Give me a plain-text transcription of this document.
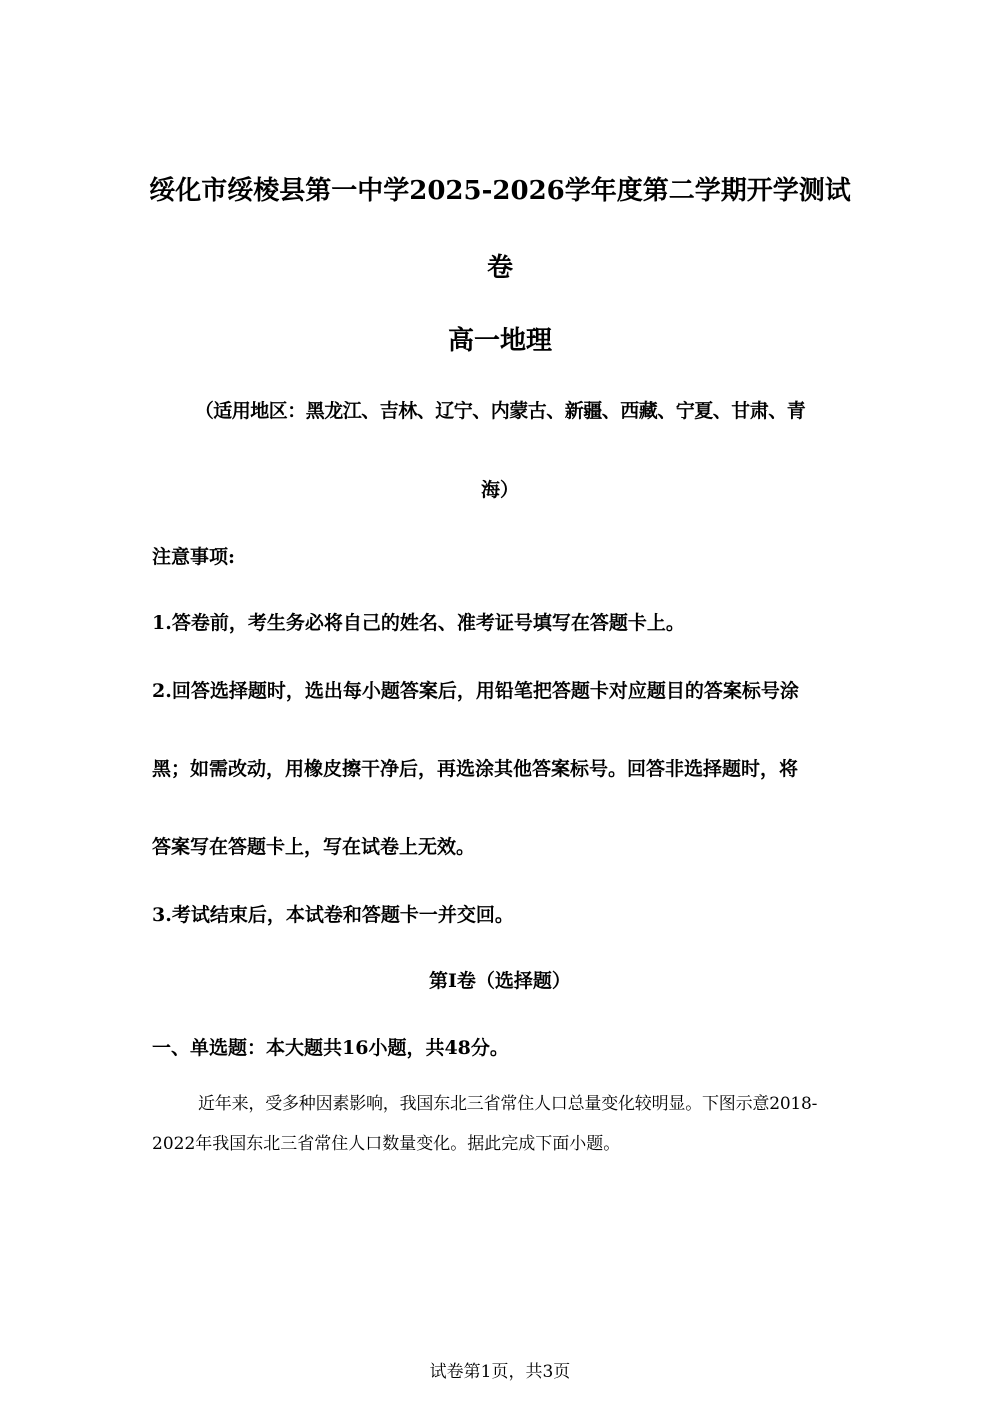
绥化市绥棱县第一中学2025-2026学年度第二学期开学测试

卷

高一地理

（适用地区：黑龙江、吉林、辽宁、内蒙古、新疆、西藏、宁夏、甘肃、青

海）

注意事项:

1.答卷前，考生务必将自己的姓名、准考证号填写在答题卡上。

2.回答选择题时，选出每小题答案后，用铅笔把答题卡对应题目的答案标号涂

黑；如需改动，用橡皮擦干净后，再选涂其他答案标号。回答非选择题时，将

答案写在答题卡上，写在试卷上无效。

3.考试结束后，本试卷和答题卡一并交回。

第I卷（选择题）

一、单选题：本大题共16小题，共48分。

近年来，受多种因素影响，我国东北三省常住人口总量变化较明显。下图示意2018-

2022年我国东北三省常住人口数量变化。据此完成下面小题。

试卷第1页，共3页
